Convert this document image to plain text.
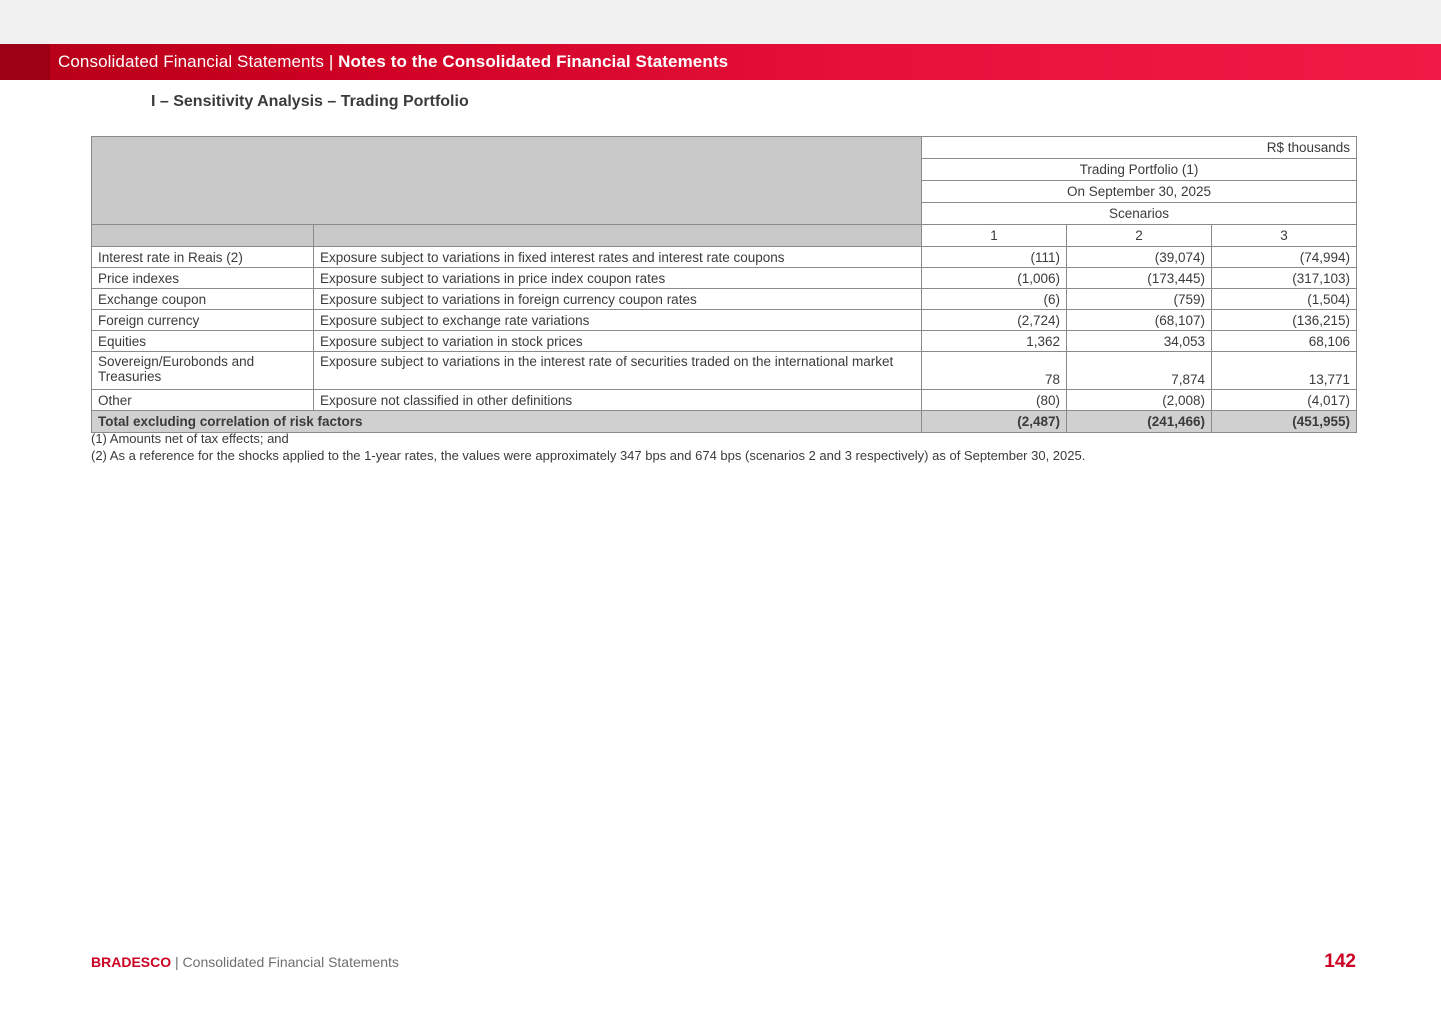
Consolidated Financial Statements | Notes to the Consolidated Financial Statements
I – Sensitivity Analysis – Trading Portfolio
		R$ thousands		
		Trading Portfolio (1)		
		On September 30, 2025		
		Scenarios		
		1	2	3
Interest rate in Reais (2)	Exposure subject to variations in fixed interest rates and interest rate coupons	(111)	(39,074)	(74,994)
Price indexes	Exposure subject to variations in price index coupon rates	(1,006)	(173,445)	(317,103)
Exchange coupon	Exposure subject to variations in foreign currency coupon rates	(6)	(759)	(1,504)
Foreign currency	Exposure subject to exchange rate variations	(2,724)	(68,107)	(136,215)
Equities	Exposure subject to variation in stock prices	1,362	34,053	68,106
Sovereign/Eurobonds and Treasuries	Exposure subject to variations in the interest rate of securities traded on the international market	78	7,874	13,771
Other	Exposure not classified in other definitions	(80)	(2,008)	(4,017)
Total excluding correlation of risk factors		(2,487)	(241,466)	(451,955)
(1) Amounts net of tax effects; and
(2) As a reference for the shocks applied to the 1-year rates, the values were approximately 347 bps and 674 bps (scenarios 2 and 3 respectively) as of September 30, 2025.
BRADESCO | Consolidated Financial Statements	142
